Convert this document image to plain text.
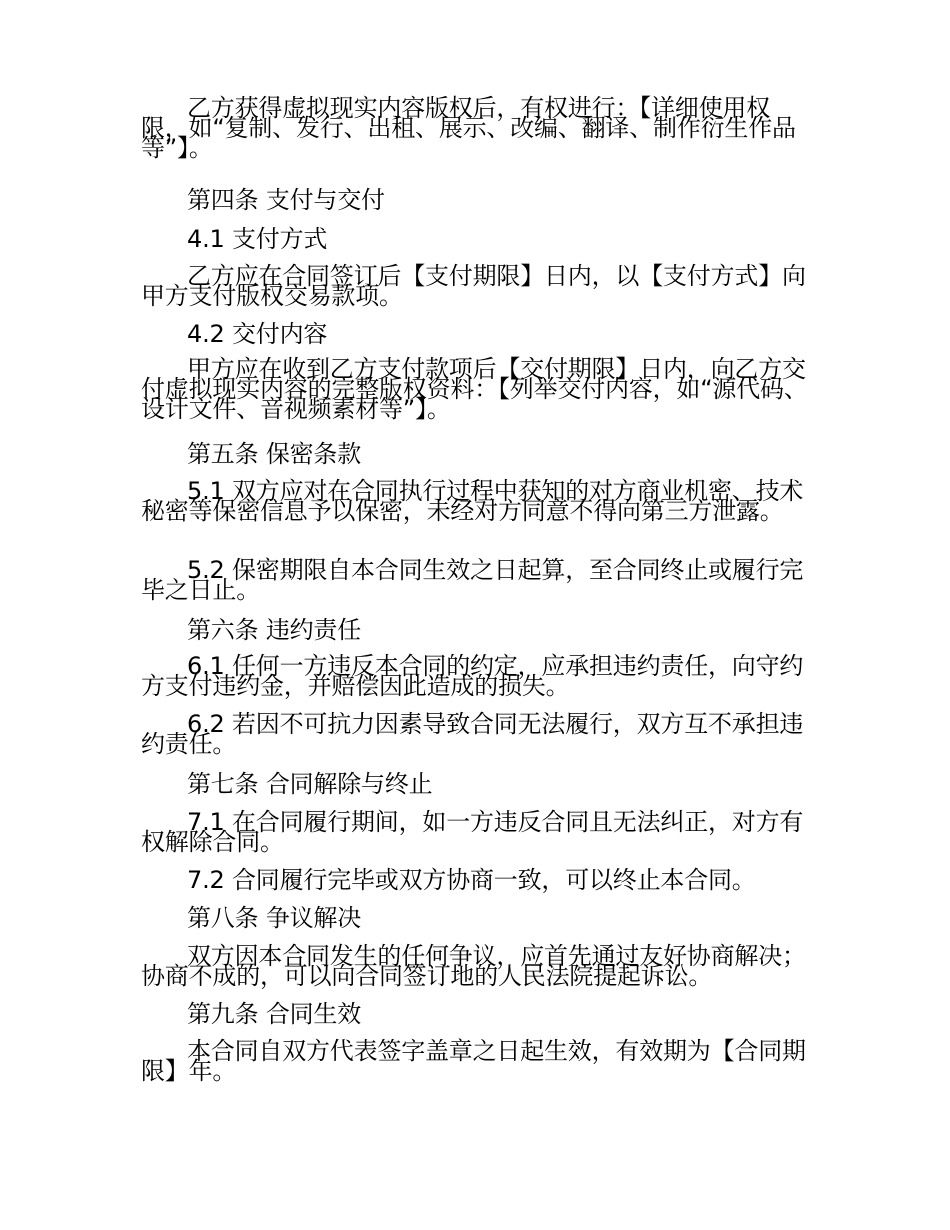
乙方获得虚拟现实内容版权后，有权进行：【详细使用权限，如“复制、发行、出租、展示、改编、翻译、制作衍生作品等”】。

第四条 支付与交付

4.1 支付方式

乙方应在合同签订后【支付期限】日内，以【支付方式】向甲方支付版权交易款项。

4.2 交付内容

甲方应在收到乙方支付款项后【交付期限】日内，向乙方交付虚拟现实内容的完整版权资料：【列举交付内容，如“源代码、设计文件、音视频素材等”】。

第五条 保密条款

5.1 双方应对在合同执行过程中获知的对方商业机密、技术秘密等保密信息予以保密，未经对方同意不得向第三方泄露。

5.2 保密期限自本合同生效之日起算，至合同终止或履行完毕之日止。

第六条 违约责任

6.1 任何一方违反本合同的约定，应承担违约责任，向守约方支付违约金，并赔偿因此造成的损失。

6.2 若因不可抗力因素导致合同无法履行，双方互不承担违约责任。

第七条 合同解除与终止

7.1 在合同履行期间，如一方违反合同且无法纠正，对方有权解除合同。

7.2 合同履行完毕或双方协商一致，可以终止本合同。

第八条 争议解决

双方因本合同发生的任何争议，应首先通过友好协商解决；协商不成的，可以向合同签订地的人民法院提起诉讼。

第九条 合同生效

本合同自双方代表签字盖章之日起生效，有效期为【合同期限】年。
